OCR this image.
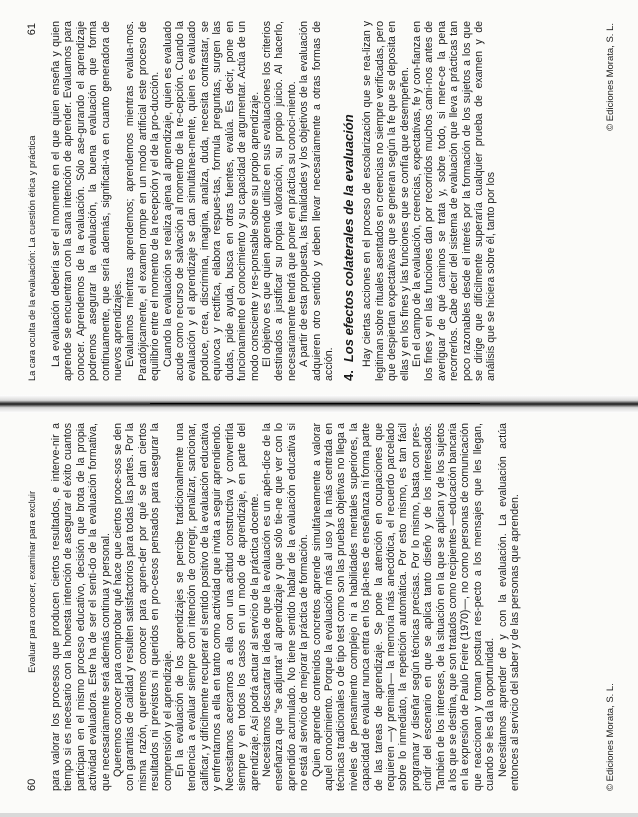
60
Evaluar para conocer, examinar para excluir para valorar los procesos que producen ciertos resultados, e interve-nir a tiempo si es necesario con la honesta intención de asegurar el éxito cuantos participan en el mismo proceso educativo, decisión que brota de la propia actividad evaluadora. Este ha de ser el senti-do de la evaluación formativa, que necesariamente será además continua y personal. Queremos conocer para comprobar qué hace que ciertos proce-sos se den con garantías de calidad y resulten satisfactorios para todas las partes. Por la misma razón, queremos conocer para apren-der por qué se dan ciertos resultados ni previstos ni queridos en pro-cesos pensados para asegurar la comprensión y el aprendizaje. En la evaluación de los aprendizajes se percibe tradicionalmente una tendencia a evaluar siempre con intención de corregir, penalizar, sancionar, calificar, y difícilmente recuperar el sentido positivo de la evaluación educativa y enfrentarnos a ella en tanto como actividad que invita a seguir aprendiendo. Necesitamos acercarnos a ella con una actitud constructiva y convertirla siempre y en todos los casos en un modo de aprendizaje, en parte del aprendizaje. Así podrá actuar al servicio de la práctica docente. Necesitamos descartar la idea de que la evaluación es un apén-dice de la enseñanza que "se adjunta" al aprendizaje y que sólo tie-ne que ver con lo aprendido acumulado. No tiene sentido hablar de la evaluación educativa si no está al servicio de mejorar la práctica de formación. Quien aprende contenidos concretos aprende simultáneamente a valorar aquel conocimiento. Porque la evaluación más al uso y la más centrada en técnicas tradicionales o de tipo test como son las pruebas objetivas no llega a niveles de pensamiento complejo ni a habilidades mentales superiores, la capacidad de evaluar nunca entra en los pla-nes de enseñanza ni forma parte de las tareas de aprendizaje. Se pone la atención en ocupaciones que requieren —y premian— la memoria más anecdótica, el recuerdo parcelado sobre lo inmediato, la repetición automática. Por esto mismo, es tan fácil programar y diseñar según técnicas precisas. Por lo mismo, basta con pres-cindir del escenario en que se aplica tanto diseño y de los interesados. También de los intereses, de la situación en la que se aplican y de los sujetos a los que se destina, que son tratados como recipientes —educación bancaria en la expresión de Paulo Freire (1970)—, no como personas de comunicación que reaccionan y toman postura res-pecto a los mensajes que les llegan, cuando se les da la oportunidad. Necesitamos aprender de y con la evaluación. La evaluación actúa entonces al servicio del saber y de las personas que aprenden.	© Ediciones Morata, S. L.
La cara oculta de la evaluación: La cuestión ética y práctica
61 La evaluación debería ser el momento en el que quien enseña y quien aprende se encuentran con la sana intención de aprender. Evaluamos para conocer. Aprendemos de la evaluación. Sólo ase-gurando el aprendizaje podremos asegurar la evaluación, la buena evaluación que forma continuamente, que sería además, significati-va en cuanto generadora de nuevos aprendizajes. Evaluamos mientras aprendemos; aprendemos mientras evalua-mos. Paradójicamente, el examen rompe en un modo artificial este proceso de equilibrio entre el momento de la recepción y el de la pro-ducción. Cuando la evaluación se realiza ajena al aprendizaje, quien es evaluado acude como recurso de salvación al momento de la re-cepción. Cuando la evaluación y el aprendizaje se dan simultánea-mente, quien es evaluado produce, crea, discrimina, imagina, analiza, duda, necesita contrastar, se equivoca y rectifica, elabora respues-tas, formula preguntas, surgen las dudas, pide ayuda, busca en otras fuentes, evalúa. Es decir, pone en funcionamiento el conocimiento y su capacidad de argumentar. Actúa de un modo consciente y res-ponsable sobre su propio aprendizaje. El objetivo es que quien aprende utilice en sus evaluaciones los criterios destinados a justificar su propia valoración, su propio juicio. Al hacerlo, necesariamente tendrá que poner en práctica su conoci-miento. A partir de esta propuesta, las finalidades y los objetivos de la evaluación adquieren otro sentido y deben llevar necesariamente a otras formas de acción. 4.Los efectos colaterales de la evaluación Hay ciertas acciones en el proceso de escolarización que se rea-lizan y legitiman sobre rituales asentados en creencias no siempre verificadas, pero que despiertan expectativas que se generan según la fe que se deposita en ellas y en los fines y las funciones que se confía que desempeñen. En el campo de la evaluación, creencias, expectativas, fe y con-fianza en los fines y en las funciones dan por recorridos muchos cami-nos antes de averiguar de qué caminos se trata y, sobre todo, si mere-ce la pena recorrerlos. Cabe decir del sistema de evaluación que lleva a prácticas tan poco razonables desde el interés por la formación de los sujetos a los que se dirige que difícilmente superaría cualquier prueba de examen y de análisis que se hiciera sobre él, tanto por los

© Ediciones Morata, S. L.
